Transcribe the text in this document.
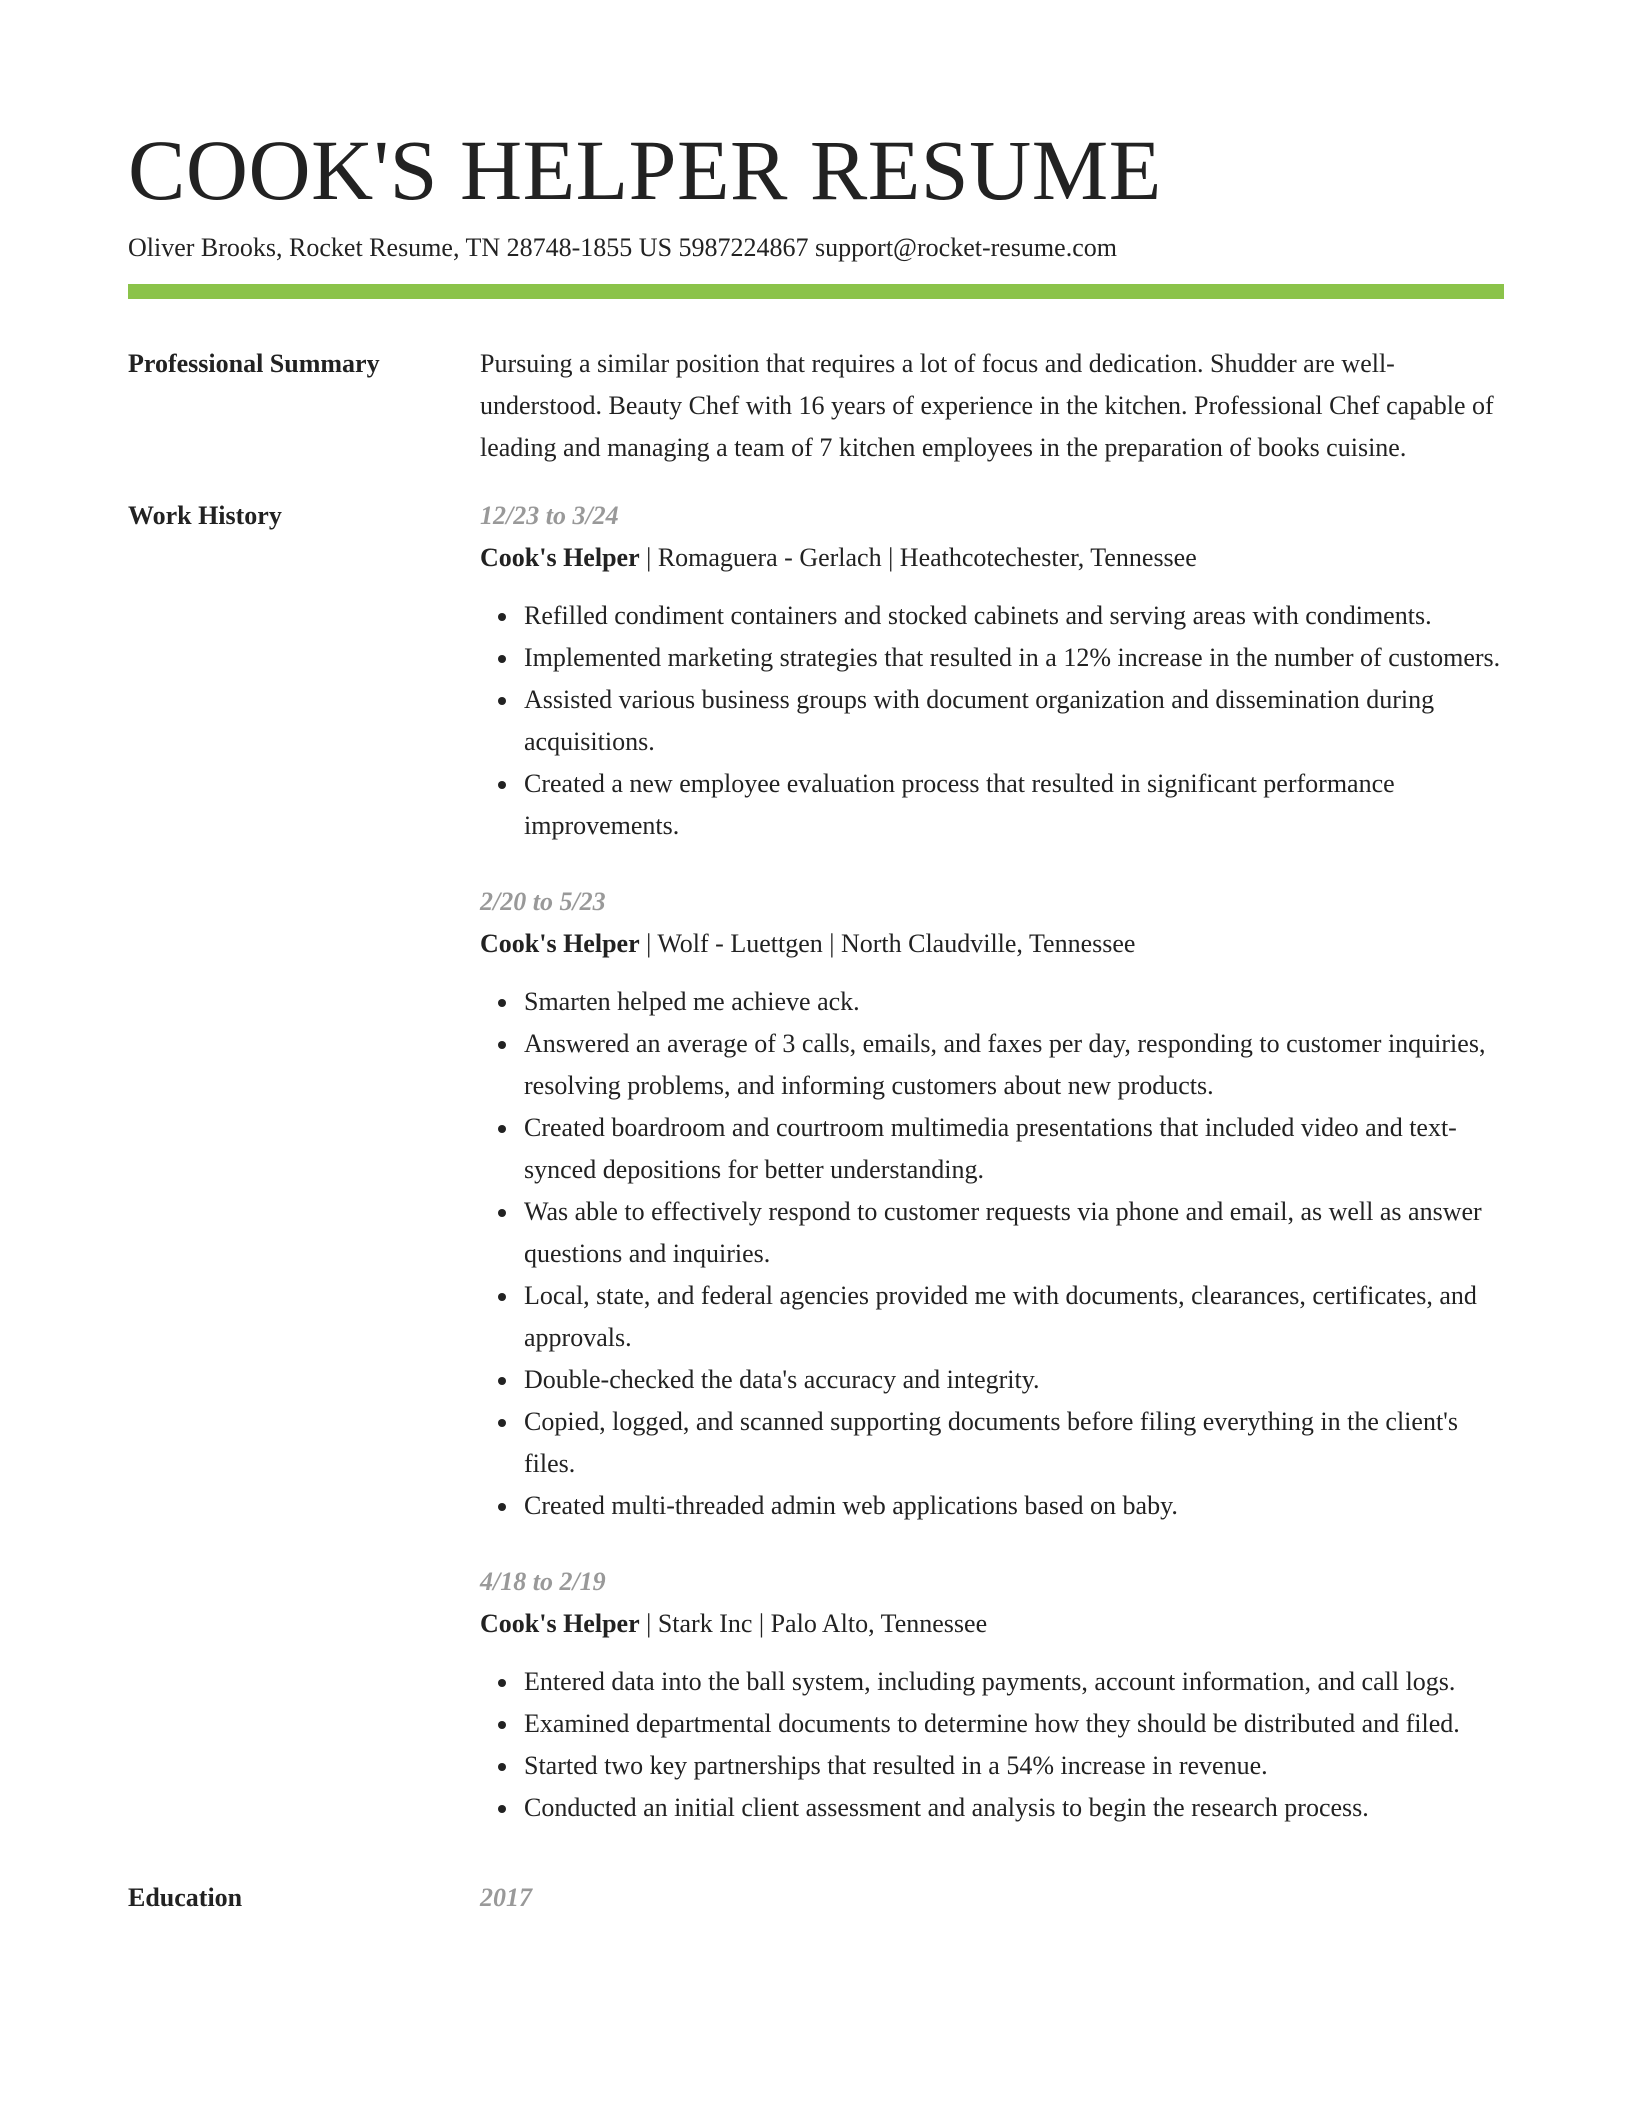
COOK'S HELPER RESUME
Oliver Brooks, Rocket Resume, TN 28748-1855 US 5987224867 support@rocket-resume.com
Professional Summary	Pursuing a similar position that requires a lot of focus and dedication. Shudder are well-understood. Beauty Chef with 16 years of experience in the kitchen. Professional Chef capable of leading and managing a team of 7 kitchen employees in the preparation of books cuisine.

Work History	12/23 to 3/24
Cook's Helper | Romaguera - Gerlach | Heathcotechester, Tennessee
Refilled condiment containers and stocked cabinets and serving areas with condiments.
Implemented marketing strategies that resulted in a 12% increase in the number of customers.
Assisted various business groups with document organization and dissemination during acquisitions.
Created a new employee evaluation process that resulted in significant performance improvements.
2/20 to 5/23
Cook's Helper | Wolf - Luettgen | North Claudville, Tennessee
Smarten helped me achieve ack.
Answered an average of 3 calls, emails, and faxes per day, responding to customer inquiries, resolving problems, and informing customers about new products.
Created boardroom and courtroom multimedia presentations that included video and text-synced depositions for better understanding.
Was able to effectively respond to customer requests via phone and email, as well as answer questions and inquiries.
Local, state, and federal agencies provided me with documents, clearances, certificates, and approvals.
Double-checked the data's accuracy and integrity.
Copied, logged, and scanned supporting documents before filing everything in the client's files.
Created multi-threaded admin web applications based on baby.
4/18 to 2/19
Cook's Helper | Stark Inc | Palo Alto, Tennessee
Entered data into the ball system, including payments, account information, and call logs.
Examined departmental documents to determine how they should be distributed and filed.
Started two key partnerships that resulted in a 54% increase in revenue.
Conducted an initial client assessment and analysis to begin the research process.
Education	2017
